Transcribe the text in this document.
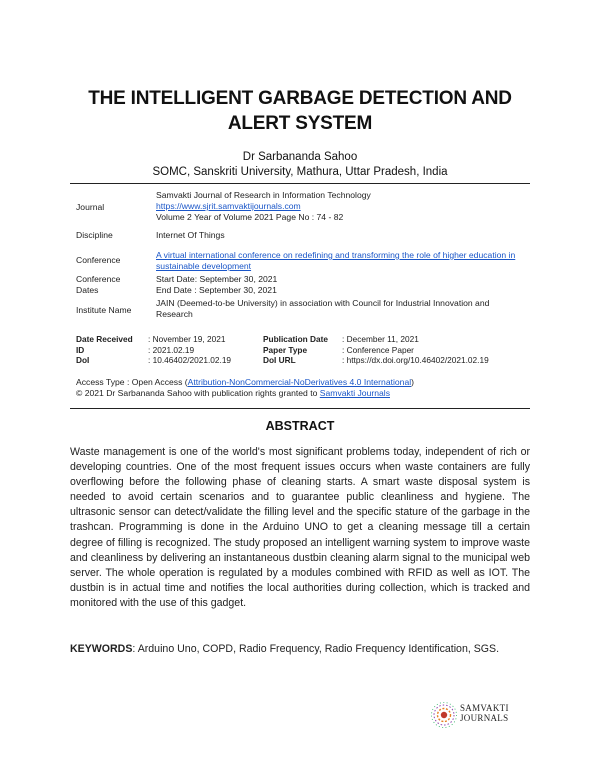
THE INTELLIGENT GARBAGE DETECTION AND
ALERT SYSTEM
Dr Sarbananda Sahoo
SOMC, Sanskriti University, Mathura, Uttar Pradesh, India
Journal
Samvakti Journal of Research in Information Technology
https://www.sjrit.samvaktijournals.com
Volume 2 Year of Volume 2021 Page No : 74 - 82
Discipline	Internet Of Things
Conference	A virtual international conference on redefining and transforming the role of higher education in sustainable development
Conference
Dates
Start Date: September 30, 2021
End Date : September 30, 2021
Institute Name
JAIN (Deemed-to-be University) in association with Council for Industrial Innovation and Research
Date Received
ID
DoI
: November 19, 2021
: 2021.02.19
: 10.46402/2021.02.19
Publication Date
Paper Type
DoI URL
: December 11, 2021
: Conference Paper
: https://dx.doi.org/10.46402/2021.02.19
Access Type : Open Access (Attribution-NonCommercial-NoDerivatives 4.0 International)
© 2021 Dr Sarbananda Sahoo with publication rights granted to Samvakti Journals
ABSTRACT
Waste management is one of the world's most significant problems today, independent of rich or developing countries. One of the most frequent issues occurs when waste containers are fully overflowing before the following phase of cleaning starts. A smart waste disposal system is needed to avoid certain scenarios and to guarantee public cleanliness and hygiene. The ultrasonic sensor can detect/validate the filling level and the specific stature of the garbage in the trashcan. Programming is done in the Arduino UNO to get a cleaning message till a certain degree of filling is recognized. The study proposed an intelligent warning system to improve waste and cleanliness by delivering an instantaneous dustbin cleaning alarm signal to the municipal web server. The whole operation is regulated by a modules combined with RFID as well as IOT. The dustbin is in actual time and notifies the local authorities during collection, which is tracked and monitored with the use of this gadget.
KEYWORDS: Arduino Uno, COPD, Radio Frequency, Radio Frequency Identification, SGS.
SAMVAKTI
JOURNALS
